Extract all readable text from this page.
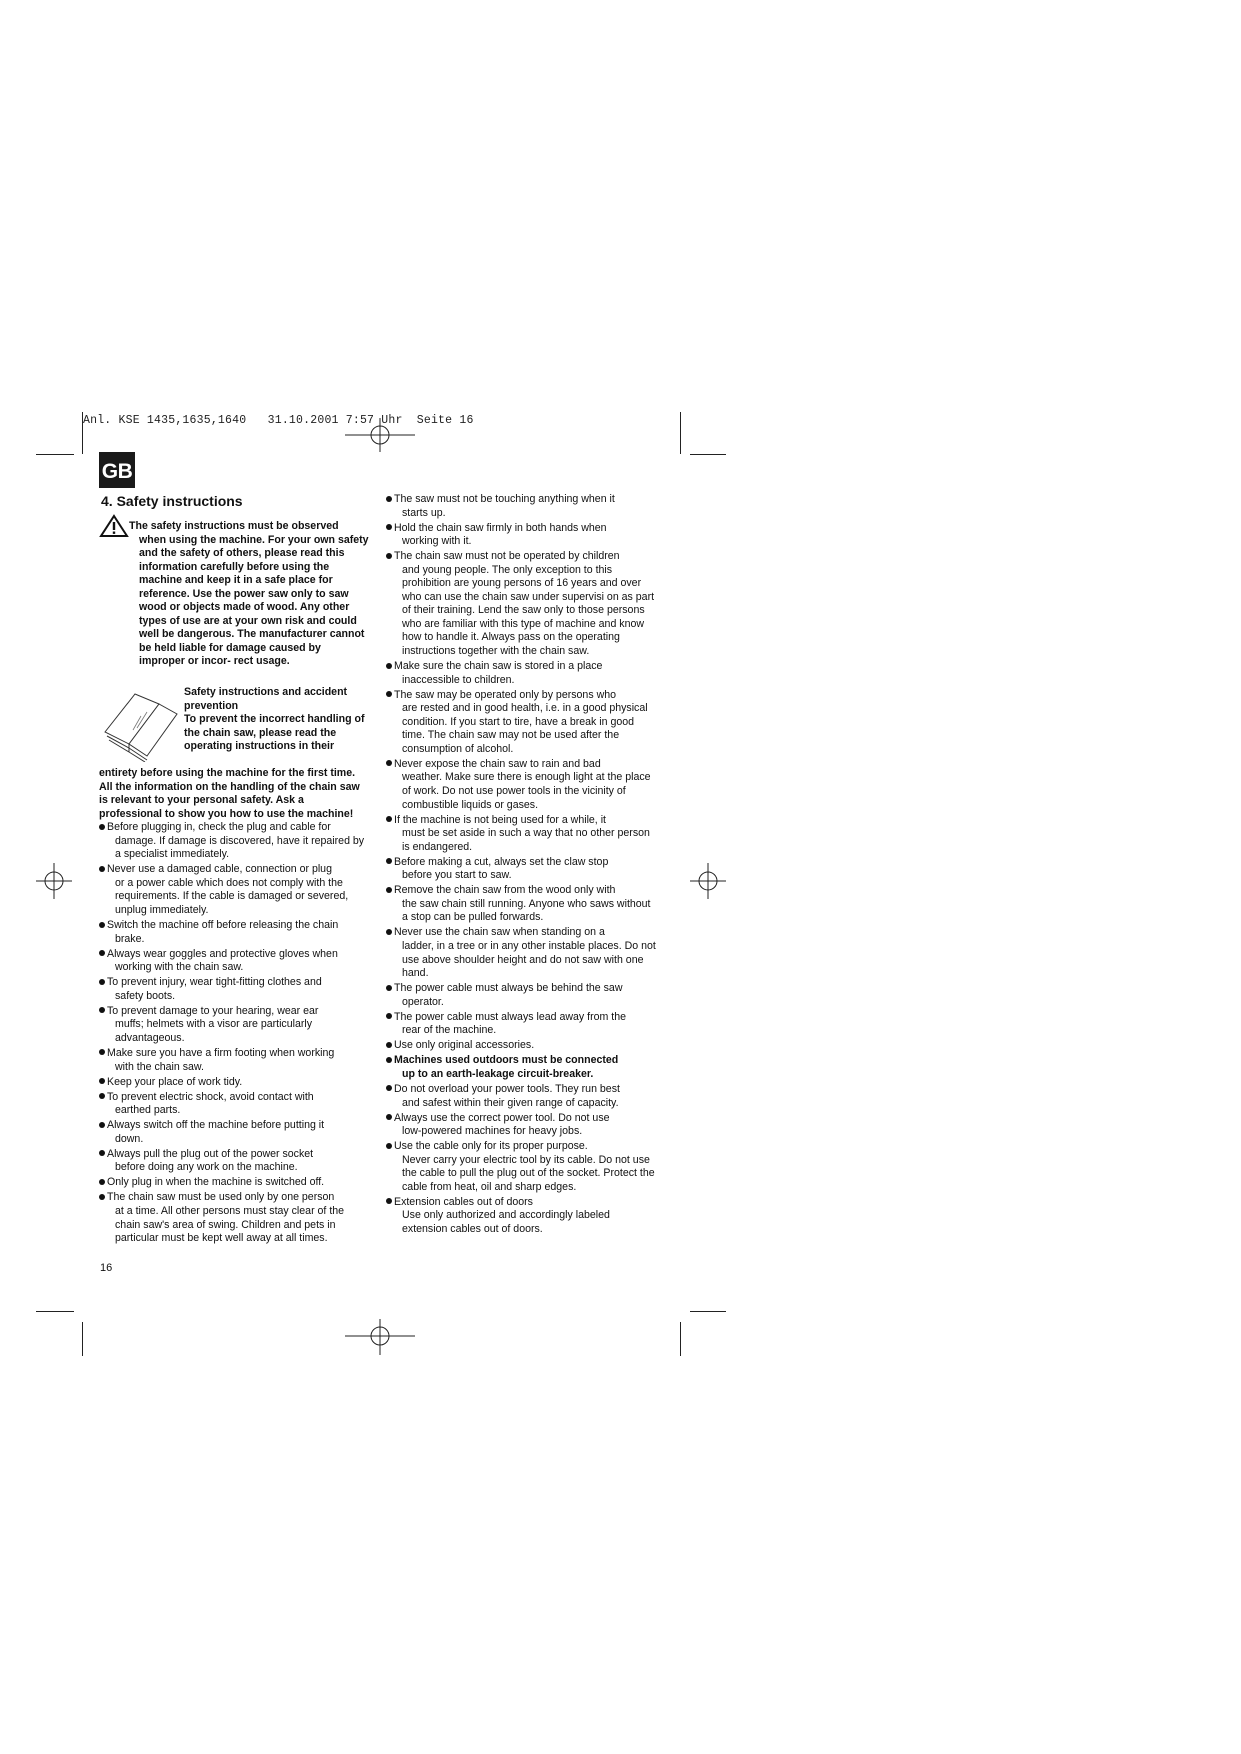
Anl. KSE 1435,1635,1640   31.10.2001 7:57 Uhr  Seite 16
GB
4. Safety instructions
The safety instructions must be observed
when using the machine. For your own safety and the safety of others, please read this information carefully before using the machine and keep it in a safe place for reference. Use the power saw only to saw wood or objects made of wood. Any other types of use are at your own risk and could well be dangerous. The manufacturer cannot be held liable for damage caused by improper or incor- rect usage.
Safety instructions and accident prevention
To prevent the incorrect handling of the chain saw, please read the operating instructions in their
entirety before using the machine for the first time. All the information on the handling of the chain saw is relevant to your personal safety. Ask a professional to show you how to use the machine!
Before plugging in, check the plug and cable for
damage. If damage is discovered, have it repaired by a specialist immediately.
Never use a damaged cable, connection or plug
or a power cable which does not comply with the requirements. If the cable is damaged or severed, unplug immediately.
Switch the machine off before releasing the chain
brake.
Always wear goggles and protective gloves when
working with the chain saw.
To prevent injury, wear tight-fitting clothes and
safety boots.
To prevent damage to your hearing, wear ear
muffs; helmets with a visor are particularly advantageous.
Make sure you have a firm footing when working
with the chain saw.
Keep your place of work tidy.
To prevent electric shock, avoid contact with
earthed parts.
Always switch off the machine before putting it
down.
Always pull the plug out of the power socket
before doing any work on the machine.
Only plug in when the machine is switched off.
The chain saw must be used only by one person
at a time. All other persons must stay clear of the chain saw's area of swing. Children and pets in particular must be kept well away at all times.
The saw must not be touching anything when it
starts up.
Hold the chain saw firmly in both hands when
working with it.
The chain saw must not be operated by children
and young people. The only exception to this prohibition are young persons of 16 years and over who can use the chain saw under supervisi on as part of their training. Lend the saw only to those persons who are familiar with this type of machine and know how to handle it. Always pass on the operating instructions together with the chain saw.
Make sure the chain saw is stored in a place
inaccessible to children.
The saw may be operated only by persons who
are rested and in good health, i.e. in a good physical condition. If you start to tire, have a break in good time. The chain saw may not be used after the consumption of alcohol.
Never expose the chain saw to rain and bad
weather. Make sure there is enough light at the place of work. Do not use power tools in the vicinity of combustible liquids or gases.
If the machine is not being used for a while, it
must be set aside in such a way that no other person is endangered.
Before making a cut, always set the claw stop
before you start to saw.
Remove the chain saw from the wood only with
the saw chain still running. Anyone who saws without a stop can be pulled forwards.
Never use the chain saw when standing on a
ladder, in a tree or in any other instable places. Do not use above shoulder height and do not saw with one hand.
The power cable must always be behind the saw
operator.
The power cable must always lead away from the
rear of the machine.
Use only original accessories.
Machines used outdoors must be connected
up to an earth-leakage circuit-breaker.
Do not overload your power tools. They run best
and safest within their given range of capacity.
Always use the correct power tool. Do not use
low-powered machines for heavy jobs.
Use the cable only for its proper purpose.
Never carry your electric tool by its cable. Do not use the cable to pull the plug out of the socket. Protect the cable from heat, oil and sharp edges.
Extension cables out of doors
Use only authorized and accordingly labeled extension cables out of doors.
16
